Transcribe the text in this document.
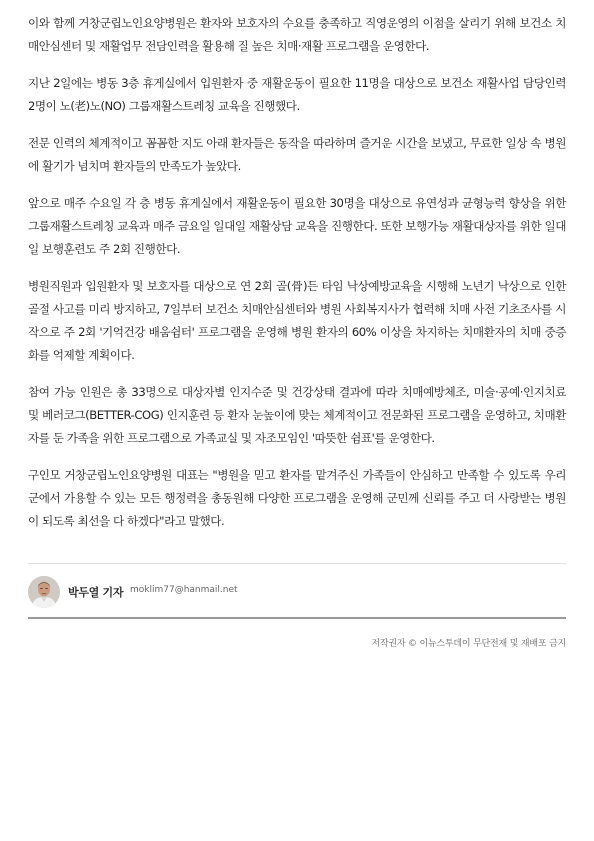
이와 함께 거창군립노인요양병원은 환자와 보호자의 수요를 충족하고 직영운영의 이점을 살리기 위해 보건소 치매안심센터 및 재활업무 전담인력을 활용해 질 높은 치매·재활 프로그램을 운영한다.

지난 2일에는 병동 3층 휴게실에서 입원환자 중 재활운동이 필요한 11명을 대상으로 보건소 재활사업 담당인력 2명이 노(老)노(NO) 그룹재활스트레칭 교육을 진행했다.

전문 인력의 체계적이고 꼼꼼한 지도 아래 환자들은 동작을 따라하며 즐거운 시간을 보냈고, 무료한 일상 속 병원에 활기가 넘치며 환자들의 만족도가 높았다.

앞으로 매주 수요일 각 층 병동 휴게실에서 재활운동이 필요한 30명을 대상으로 유연성과 균형능력 향상을 위한 그룹재활스트레칭 교육과 매주 금요일 일대일 재활상담 교육을 진행한다. 또한 보행가능 재활대상자를 위한 일대일 보행훈련도 주 2회 진행한다.

병원직원과 입원환자 및 보호자를 대상으로 연 2회 골(骨)든 타임 낙상예방교육을 시행해 노년기 낙상으로 인한 골절 사고를 미리 방지하고, 7일부터 보건소 치매안심센터와 병원 사회복지사가 협력해 치매 사전 기초조사를 시작으로 주 2회 '기억건강 배움쉼터' 프로그램을 운영해 병원 환자의 60% 이상을 차지하는 치매환자의 치매 중증화를 억제할 계획이다.

참여 가능 인원은 총 33명으로 대상자별 인지수준 및 건강상태 결과에 따라 치매예방체조, 미술·공예·인지치료 및 베러코그(BETTER-COG) 인지훈련 등 환자 눈높이에 맞는 체계적이고 전문화된 프로그램을 운영하고, 치매환자를 둔 가족을 위한 프로그램으로 가족교실 및 자조모임인 '따뜻한 쉼표'를 운영한다.

구인모 거창군립노인요양병원 대표는 "병원을 믿고 환자를 맡겨주신 가족들이 안심하고 만족할 수 있도록 우리 군에서 가용할 수 있는 모든 행정력을 총동원해 다양한 프로그램을 운영해 군민께 신뢰를 주고 더 사랑받는 병원이 되도록 최선을 다 하겠다"라고 말했다.

박두열 기자 moklim77@hanmail.net
저작권자 © 이뉴스투데이 무단전재 및 재배포 금지
